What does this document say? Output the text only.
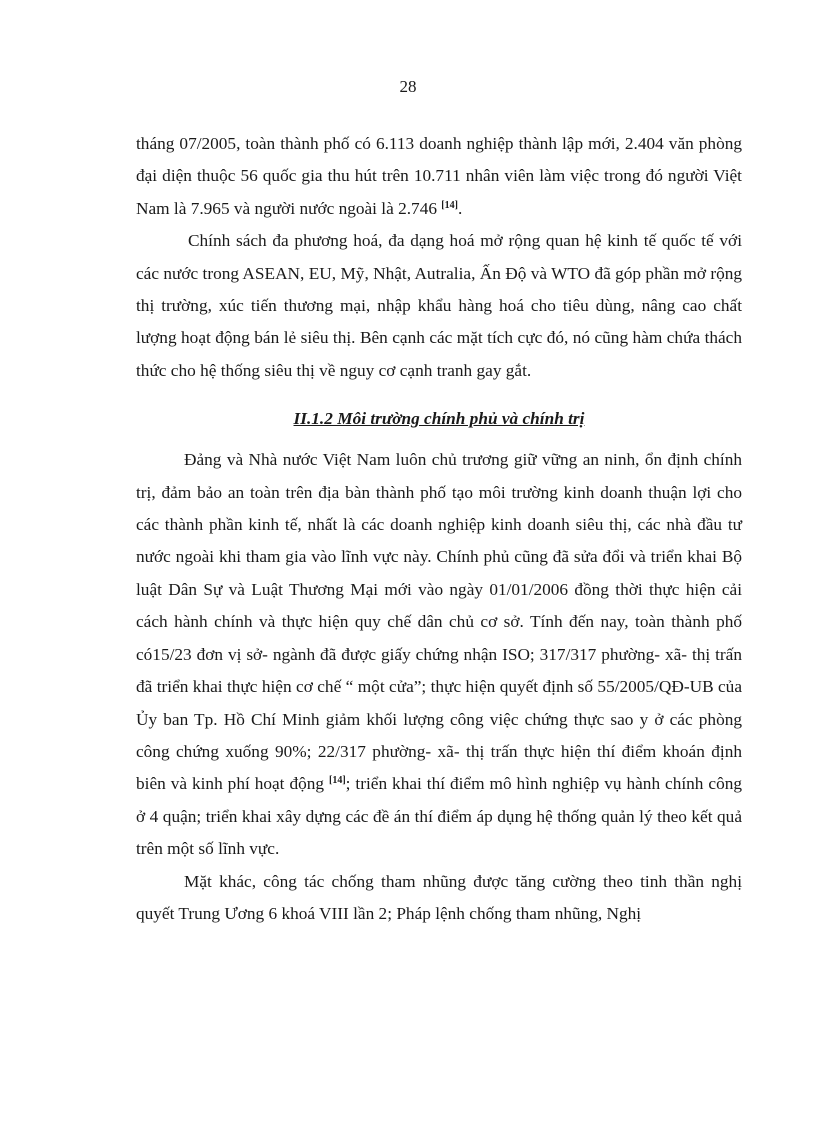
28

tháng 07/2005, toàn thành phố có 6.113 doanh nghiệp thành lập mới, 2.404 văn phòng đại diện thuộc 56 quốc gia thu hút trên 10.711 nhân viên làm việc trong đó người Việt Nam là 7.965 và người nước ngoài là 2.746 [14].

Chính sách đa phương hoá, đa dạng hoá mở rộng quan hệ kinh tế quốc tế với các nước trong ASEAN, EU, Mỹ, Nhật, Autralia, Ấn Độ và WTO đã góp phần mở rộng thị trường, xúc tiến thương mại, nhập khẩu hàng hoá cho tiêu dùng, nâng cao chất lượng hoạt động bán lẻ siêu thị. Bên cạnh các mặt tích cực đó, nó cũng hàm chứa thách thức cho hệ thống siêu thị về nguy cơ cạnh tranh gay gắt.

II.1.2 Môi trường chính phủ và chính trị

Đảng và Nhà nước Việt Nam luôn chủ trương giữ vững an ninh, ổn định chính trị, đảm bảo an toàn trên địa bàn thành phố tạo môi trường kinh doanh thuận lợi cho các thành phần kinh tế, nhất là các doanh nghiệp kinh doanh siêu thị, các nhà đầu tư nước ngoài khi tham gia vào lĩnh vực này. Chính phủ cũng đã sửa đổi và triển khai Bộ luật Dân Sự và Luật Thương Mại mới vào ngày 01/01/2006 đồng thời thực hiện cải cách hành chính và thực hiện quy chế dân chủ cơ sở. Tính đến nay, toàn thành phố có15/23 đơn vị sở- ngành đã được giấy chứng nhận ISO; 317/317 phường- xã- thị trấn đã triển khai thực hiện cơ chế “ một cửa”; thực hiện quyết định số 55/2005/QĐ-UB của Ủy ban Tp. Hồ Chí Minh giảm khối lượng công việc chứng thực sao y ở các phòng công chứng xuống 90%; 22/317 phường- xã- thị trấn thực hiện thí điểm khoán định biên và kinh phí hoạt động [14]; triển khai thí điểm mô hình nghiệp vụ hành chính công ở 4 quận; triển khai xây dựng các đề án thí điểm áp dụng hệ thống quản lý theo kết quả trên một số lĩnh vực.

Mặt khác, công tác chống tham nhũng được tăng cường theo tinh thần nghị quyết Trung Ương 6 khoá VIII lần 2; Pháp lệnh chống tham nhũng, Nghị
